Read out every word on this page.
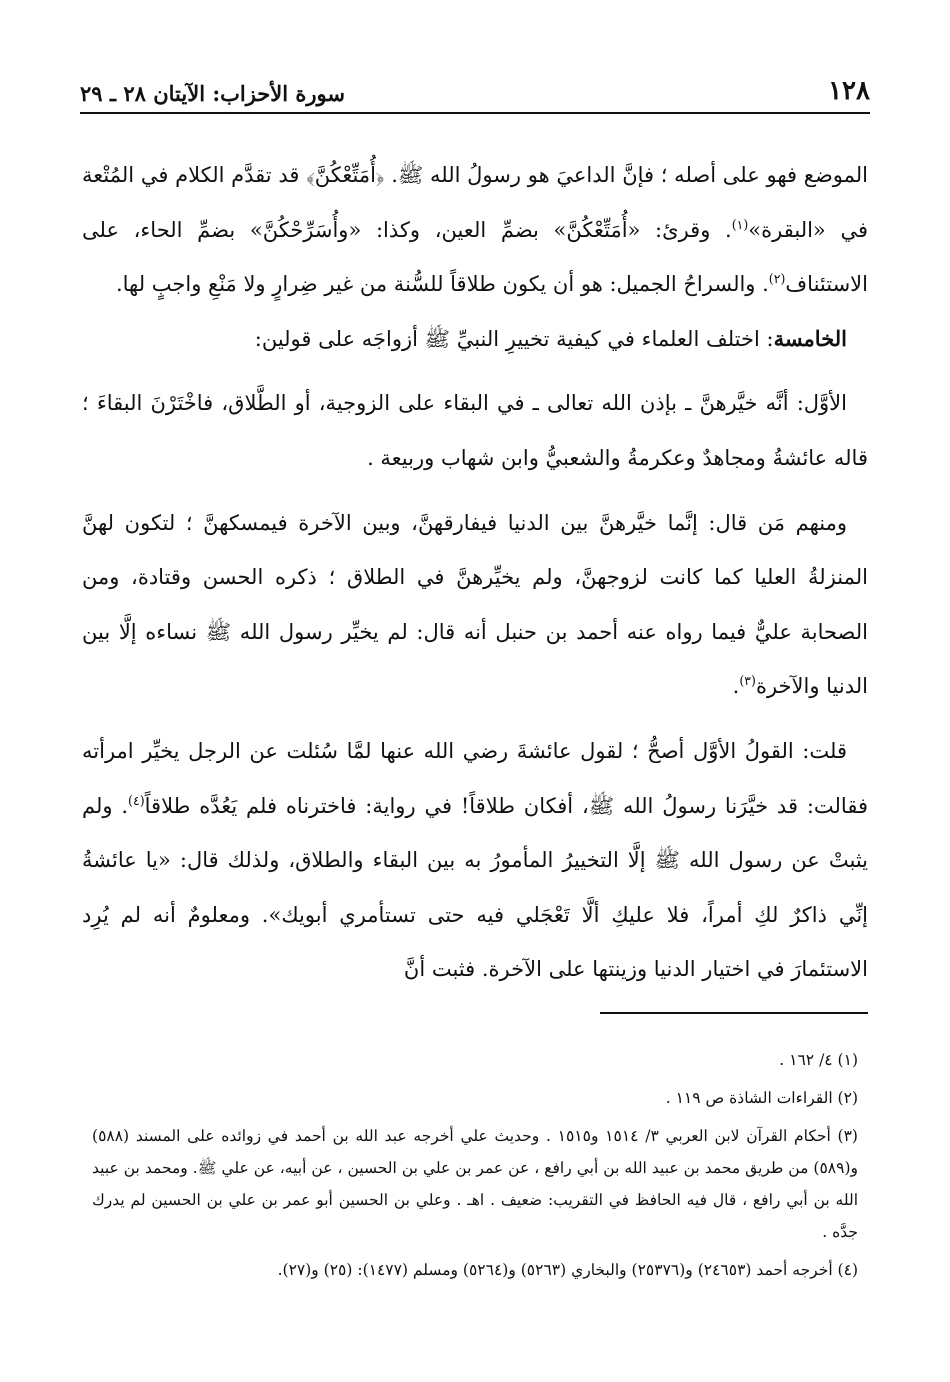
سورة الأحزاب: الآيتان ٢٨ ـ ٢٩	١٢٨

الموضع فهو على أصله ؛ فإنَّ الداعيَ هو رسولُ الله ﷺ. ﴿أُمَتِّعْكُنَّ﴾ قد تقدَّم الكلام في المُتْعة في «البقرة»$^{(١)}$. وقرئ: «أُمَتِّعْكُنَّ» بضمِّ العين، وكذا: «وأُسَرِّحْكُنَّ» بضمِّ الحاء، على الاستئناف$^{(٢)}$. والسراحُ الجميل: هو أن يكون طلاقاً للسُّنة من غير ضِرارٍ ولا مَنْعِ واجبٍ لها.

 الخامسة: اختلف العلماء في كيفية تخييرِ النبيِّ ﷺ أزواجَه على قولين:

 الأوَّل: أنَّه خيَّرهنَّ ـ بإذن الله تعالى ـ في البقاء على الزوجية، أو الطَّلاق، فاخْتَرْنَ البقاءَ ؛ قاله عائشةُ ومجاهدٌ وعكرمةُ والشعبيُّ وابن شهاب وربيعة .

 ومنهم مَن قال: إنَّما خيَّرهنَّ بين الدنيا فيفارقهنَّ، وبين الآخرة فيمسكهنَّ ؛ لتكون لهنَّ المنزلةُ العليا كما كانت لزوجهنَّ، ولم يخيِّرهنَّ في الطلاق ؛ ذكره الحسن وقتادة، ومن الصحابة عليٌّ فيما رواه عنه أحمد بن حنبل أنه قال: لم يخيِّر رسول الله ﷺ نساءه إلَّا بين الدنيا والآخرة$^{(٣)}$.

 قلت: القولُ الأوَّل أصحُّ ؛ لقول عائشةَ رضي الله عنها لمَّا سُئلت عن الرجل يخيِّر امرأته فقالت: قد خيَّرَنا رسولُ الله ﷺ، أفكان طلاقاً! في رواية: فاخترناه فلم يَعُدَّه طلاقاً$^{(٤)}$. ولم يثبتْ عن رسول الله ﷺ إلَّا التخييرُ المأمورُ به بين البقاء والطلاق، ولذلك قال: «يا عائشةُ إنِّي ذاكرٌ لكِ أمراً، فلا عليكِ ألَّا تَعْجَلي فيه حتى تستأمري أبويك». ومعلومٌ أنه لم يُرِد الاستئمارَ في اختيار الدنيا وزينتها على الآخرة. فثبت أنَّ

(١) ٤/ ١٦٢ .

(٢) القراءات الشاذة ص ١١٩ .

(٣) أحكام القرآن لابن العربي ٣/ ١٥١٤ و١٥١٥ . وحديث علي أخرجه عبد الله بن أحمد في زوائده على المسند (٥٨٨) و(٥٨٩) من طريق محمد بن عبيد الله بن أبي رافع ، عن عمر بن علي بن الحسين ، عن أبيه، عن علي ﷺ. ومحمد بن عبيد الله بن أبي رافع ، قال فيه الحافظ في التقريب: ضعيف . اهـ . وعلي بن الحسين أبو عمر بن علي بن الحسين لم يدرك جدَّه .

(٤) أخرجه أحمد (٢٤٦٥٣) و(٢٥٣٧٦) والبخاري (٥٢٦٣) و(٥٢٦٤) ومسلم (١٤٧٧): (٢٥) و(٢٧).
